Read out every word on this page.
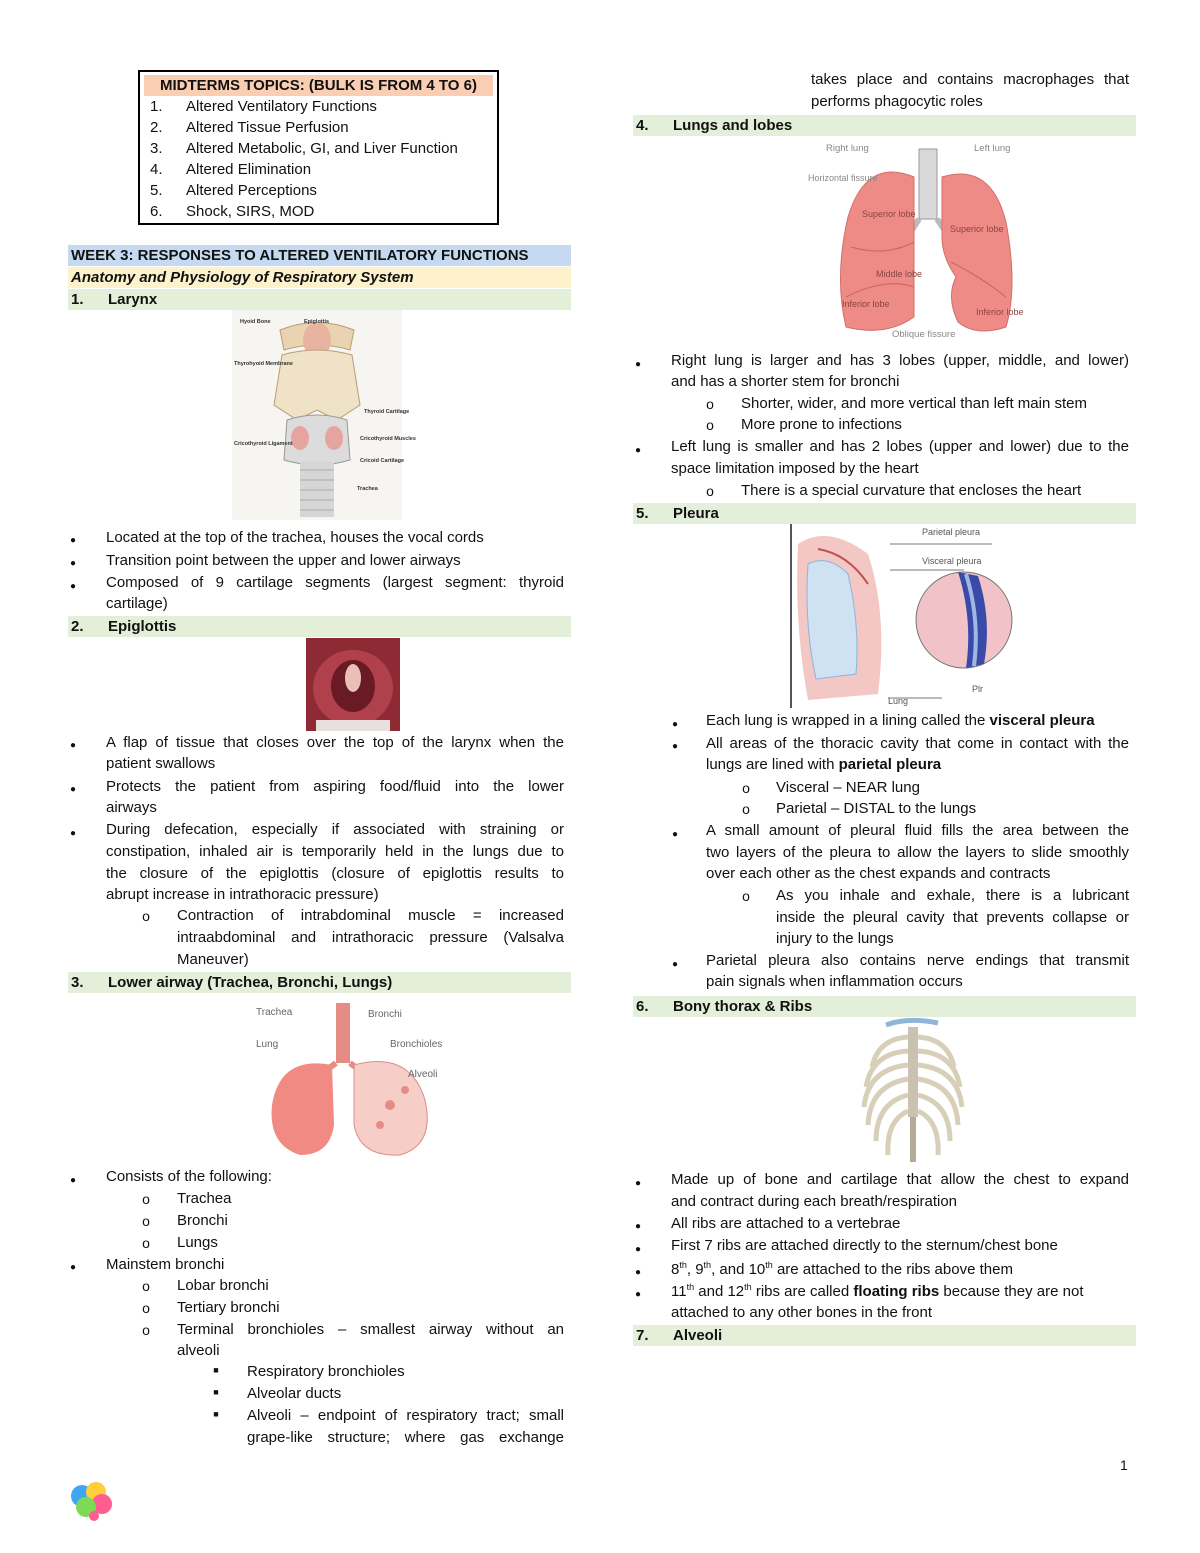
MIDTERMS TOPICS: (BULK IS FROM 4 TO 6)
1. Altered Ventilatory Functions
2. Altered Tissue Perfusion
3. Altered Metabolic, GI, and Liver Function
4. Altered Elimination
5. Altered Perceptions
6. Shock, SIRS, MOD
WEEK 3: RESPONSES TO ALTERED VENTILATORY FUNCTIONS
Anatomy and Physiology of Respiratory System
1. Larynx
Hyoid Bone	Epiglottis
Thyrohyoid Membrane
Thyroid Cartilage
Cricothyroid Ligament
Cricothyroid Muscles
Cricoid Cartilage
Trachea
● Located at the top of the trachea, houses the vocal cords
● Transition point between the upper and lower airways
● Composed of 9 cartilage segments (largest segment: thyroid
cartilage)
2. Epiglottis
● A flap of tissue that closes over the top of the larynx when the
patient swallows
● Protects the patient from aspiring food/fluid into the lower
airways
● During defecation, especially if associated with straining or
constipation, inhaled air is temporarily held in the lungs due to
the closure of the epiglottis (closure of epiglottis results to
abrupt increase in intrathoracic pressure)
o Contraction of intrabdominal muscle = increased
intraabdominal and intrathoracic pressure (Valsalva
Maneuver)
3. Lower airway (Trachea, Bronchi, Lungs)
Trachea	Bronchi
Lung	Bronchioles
Alveoli
● Consists of the following:
o Trachea
o Bronchi
o Lungs
● Mainstem bronchi
o Lobar bronchi
o Tertiary bronchi
o Terminal bronchioles – smallest airway without an
alveoli
■ Respiratory bronchioles
■ Alveolar ducts
■ Alveoli – endpoint of respiratory tract; small
grape-like structure; where gas exchange
takes place and contains macrophages that
performs phagocytic roles
4. Lungs and lobes
Right lung	Left lung
Horizontal fissure
Superior lobe
Superior lobe
Middle lobe
Inferior lobe
Inferior lobe
Oblique fissure
● Right lung is larger and has 3 lobes (upper, middle, and lower)
and has a shorter stem for bronchi
o Shorter, wider, and more vertical than left main stem
o More prone to infections
● Left lung is smaller and has 2 lobes (upper and lower) due to the
space limitation imposed by the heart
o There is a special curvature that encloses the heart
5. Pleura
Parietal pleura
Visceral pleura
Lung
Plr
● Each lung is wrapped in a lining called the visceral pleura
● All areas of the thoracic cavity that come in contact with the
lungs are lined with parietal pleura
o Visceral – NEAR lung
o Parietal – DISTAL to the lungs
● A small amount of pleural fluid fills the area between the
two layers of the pleura to allow the layers to slide smoothly
over each other as the chest expands and contracts
o As you inhale and exhale, there is a lubricant
inside the pleural cavity that prevents collapse or
injury to the lungs
● Parietal pleura also contains nerve endings that transmit
pain signals when inflammation occurs
6. Bony thorax & Ribs
● Made up of bone and cartilage that allow the chest to expand
and contract during each breath/respiration
● All ribs are attached to a vertebrae
● First 7 ribs are attached directly to the sternum/chest bone
● 8th, 9th, and 10th are attached to the ribs above them
● 11th and 12th ribs are called floating ribs because they are not
attached to any other bones in the front
7. Alveoli
1
